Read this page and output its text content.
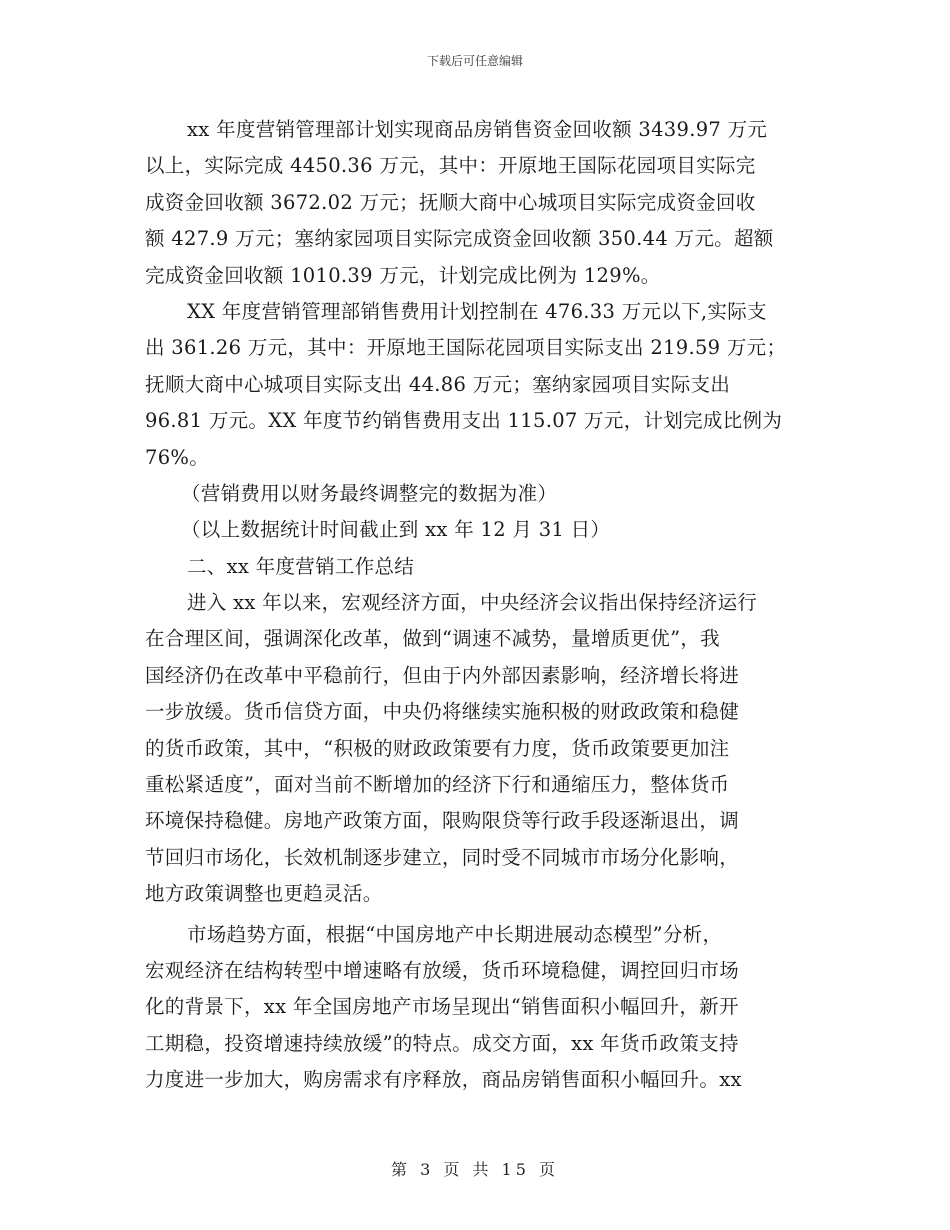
下载后可任意编辑
xx 年度营销管理部计划实现商品房销售资金回收额 3439.97 万元
以上，实际完成 4450.36 万元，其中：开原地王国际花园项目实际完
成资金回收额 3672.02 万元；抚顺大商中心城项目实际完成资金回收
额 427.9 万元；塞纳家园项目实际完成资金回收额 350.44 万元。超额
完成资金回收额 1010.39 万元，计划完成比例为 129%。
XX 年度营销管理部销售费用计划控制在 476.33 万元以下,实际支
出 361.26 万元，其中：开原地王国际花园项目实际支出 219.59 万元；
抚顺大商中心城项目实际支出 44.86 万元；塞纳家园项目实际支出
96.81 万元。XX 年度节约销售费用支出 115.07 万元，计划完成比例为
76%。
（营销费用以财务最终调整完的数据为准）
（以上数据统计时间截止到 xx 年 12 月 31 日）
二、xx 年度营销工作总结
进入 xx 年以来，宏观经济方面，中央经济会议指出保持经济运行
在合理区间，强调深化改革，做到“调速不减势，量增质更优”，我
国经济仍在改革中平稳前行，但由于内外部因素影响，经济增长将进
一步放缓。货币信贷方面，中央仍将继续实施积极的财政政策和稳健
的货币政策，其中，“积极的财政政策要有力度，货币政策要更加注
重松紧适度”，面对当前不断增加的经济下行和通缩压力，整体货币
环境保持稳健。房地产政策方面，限购限贷等行政手段逐渐退出，调
节回归市场化，长效机制逐步建立，同时受不同城市市场分化影响，
地方政策调整也更趋灵活。
市场趋势方面，根据“中国房地产中长期进展动态模型”分析，
宏观经济在结构转型中增速略有放缓，货币环境稳健，调控回归市场
化的背景下，xx 年全国房地产市场呈现出“销售面积小幅回升，新开
工期稳，投资增速持续放缓”的特点。成交方面，xx 年货币政策支持
力度进一步加大，购房需求有序释放，商品房销售面积小幅回升。xx
第 3 页 共 15 页
